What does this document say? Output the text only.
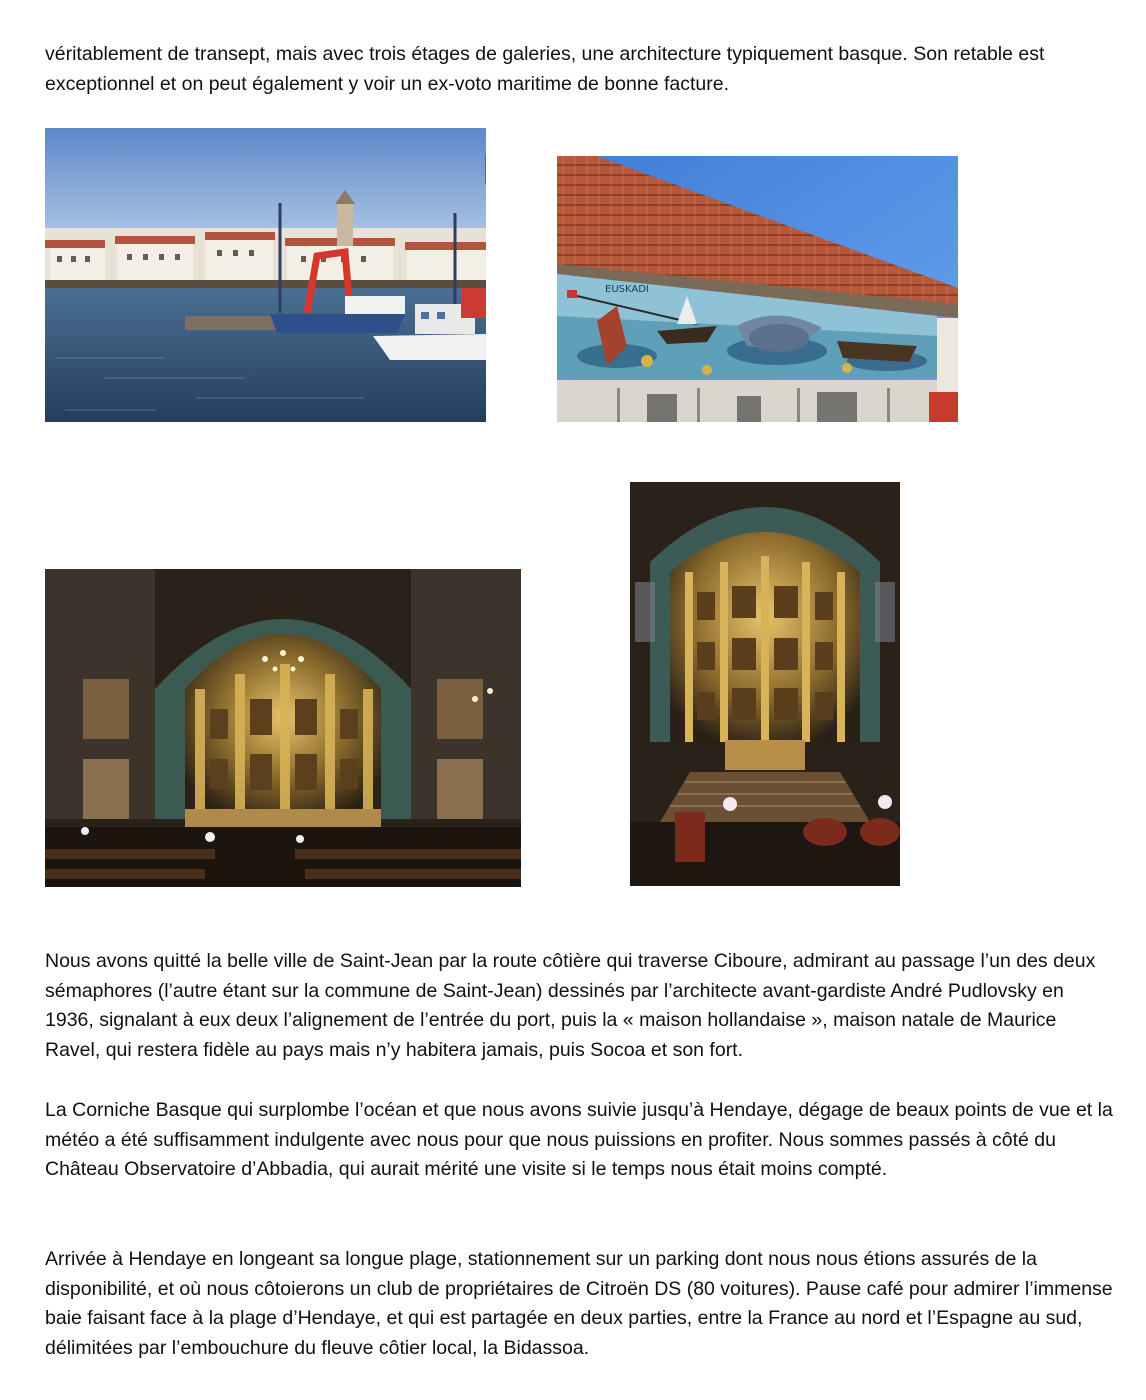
véritablement de transept, mais avec trois étages de galeries, une architecture typiquement basque. Son retable est exceptionnel et on peut également y voir un ex-voto maritime de bonne facture.

EUSKADI

Nous avons quitté la belle ville de Saint-Jean par la route côtière qui traverse Ciboure, admirant au passage l’un des deux sémaphores (l’autre étant sur la commune de Saint-Jean) dessinés par l’architecte avant-gardiste André Pudlovsky en 1936, signalant à eux deux l’alignement de l’entrée du port, puis la « maison hollandaise », maison natale de Maurice Ravel, qui restera fidèle au pays mais n’y habitera jamais, puis Socoa et son fort.

La Corniche Basque qui surplombe l’océan et que nous avons suivie jusqu’à Hendaye, dégage de beaux points de vue et la météo a été suffisamment indulgente avec nous pour que nous puissions en profiter. Nous sommes passés à côté du Château Observatoire d’Abbadia, qui aurait mérité une visite si le temps nous était moins compté.

Arrivée à Hendaye en longeant sa longue plage, stationnement sur un parking dont nous nous étions assurés de la disponibilité, et où nous côtoierons un club de propriétaires de Citroën DS (80 voitures). Pause café pour admirer l’immense baie faisant face à la plage d’Hendaye, et qui est partagée en deux parties, entre la France au nord et l’Espagne au sud, délimitées par l’embouchure du fleuve côtier local, la Bidassoa.
